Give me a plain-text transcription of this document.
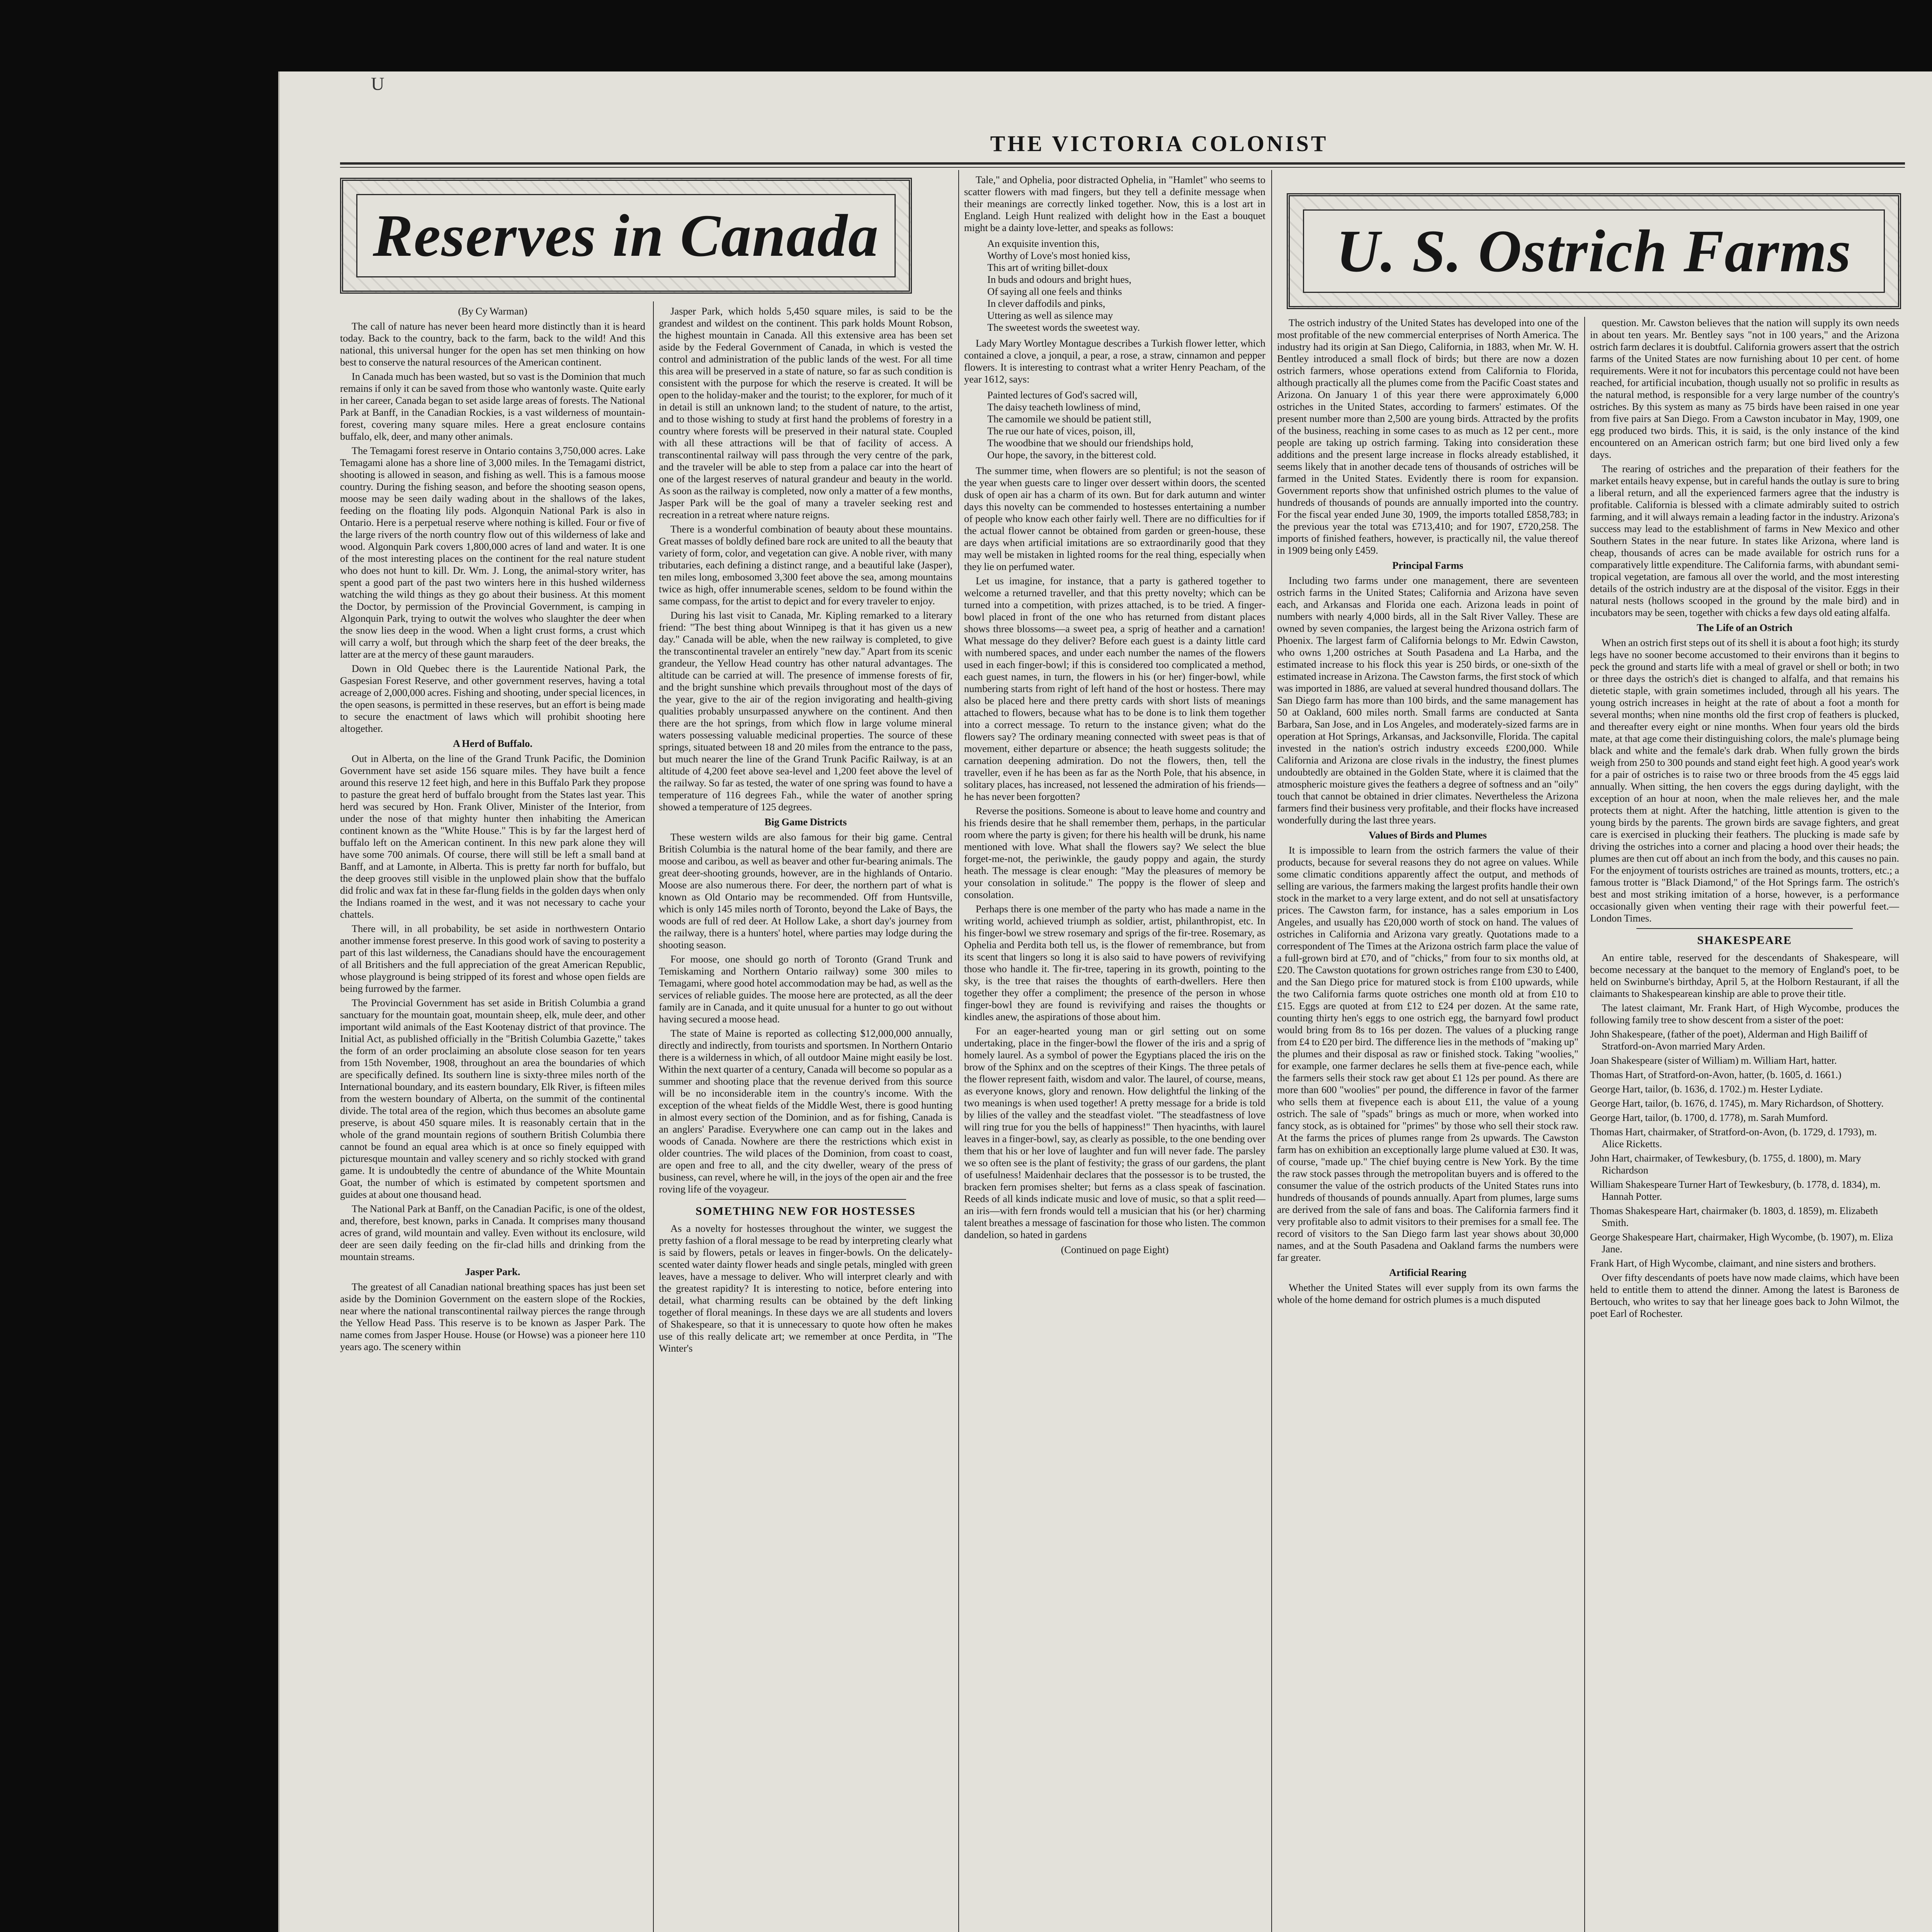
U
THE VICTORIA COLONIST
Reserves in Canada	U. S. Ostrich Farms

(By Cy Warman)

The call of nature has never been heard more distinctly than it is heard today. Back to the country, back to the farm, back to the wild! And this national, this universal hunger for the open has set men thinking on how best to conserve the natural resources of the American continent.

In Canada much has been wasted, but so vast is the Dominion that much remains if only it can be saved from those who wantonly waste. Quite early in her career, Canada began to set aside large areas of forests. The National Park at Banff, in the Canadian Rockies, is a vast wilderness of mountain-forest, covering many square miles. Here a great enclosure contains buffalo, elk, deer, and many other animals.

The Temagami forest reserve in Ontario contains 3,750,000 acres. Lake Temagami alone has a shore line of 3,000 miles. In the Temagami district, shooting is allowed in season, and fishing as well. This is a famous moose country. During the fishing season, and before the shooting season opens, moose may be seen daily wading about in the shallows of the lakes, feeding on the floating lily pods. Algonquin National Park is also in Ontario. Here is a perpetual reserve where nothing is killed. Four or five of the large rivers of the north country flow out of this wilderness of lake and wood. Algonquin Park covers 1,800,000 acres of land and water. It is one of the most interesting places on the continent for the real nature student who does not hunt to kill. Dr. Wm. J. Long, the animal-story writer, has spent a good part of the past two winters here in this hushed wilderness watching the wild things as they go about their business. At this moment the Doctor, by permission of the Provincial Government, is camping in Algonquin Park, trying to outwit the wolves who slaughter the deer when the snow lies deep in the wood. When a light crust forms, a crust which will carry a wolf, but through which the sharp feet of the deer breaks, the latter are at the mercy of these gaunt marauders.

Down in Old Quebec there is the Laurentide National Park, the Gaspesian Forest Reserve, and other government reserves, having a total acreage of 2,000,000 acres. Fishing and shooting, under special licences, in the open seasons, is permitted in these reserves, but an effort is being made to secure the enactment of laws which will prohibit shooting here altogether.

A Herd of Buffalo.

Out in Alberta, on the line of the Grand Trunk Pacific, the Dominion Government have set aside 156 square miles. They have built a fence around this reserve 12 feet high, and here in this Buffalo Park they propose to pasture the great herd of buffalo brought from the States last year. This herd was secured by Hon. Frank Oliver, Minister of the Interior, from under the nose of that mighty hunter then inhabiting the American continent known as the "White House." This is by far the largest herd of buffalo left on the American continent. In this new park alone they will have some 700 animals. Of course, there will still be left a small band at Banff, and at Lamonte, in Alberta. This is pretty far north for buffalo, but the deep grooves still visible in the unplowed plain show that the buffalo did frolic and wax fat in these far-flung fields in the golden days when only the Indians roamed in the west, and it was not necessary to cache your chattels.

There will, in all probability, be set aside in northwestern Ontario another immense forest preserve. In this good work of saving to posterity a part of this last wilderness, the Canadians should have the encouragement of all Britishers and the full appreciation of the great American Republic, whose playground is being stripped of its forest and whose open fields are being furrowed by the farmer.

The Provincial Government has set aside in British Columbia a grand sanctuary for the mountain goat, mountain sheep, elk, mule deer, and other important wild animals of the East Kootenay district of that province. The Initial Act, as published officially in the "British Columbia Gazette," takes the form of an order proclaiming an absolute close season for ten years from 15th November, 1908, throughout an area the boundaries of which are specifically defined. Its southern line is sixty-three miles north of the International boundary, and its eastern boundary, Elk River, is fifteen miles from the western boundary of Alberta, on the summit of the continental divide. The total area of the region, which thus becomes an absolute game preserve, is about 450 square miles. It is reasonably certain that in the whole of the grand mountain regions of southern British Columbia there cannot be found an equal area which is at once so finely equipped with picturesque mountain and valley scenery and so richly stocked with grand game. It is undoubtedly the centre of abundance of the White Mountain Goat, the number of which is estimated by competent sportsmen and guides at about one thousand head.

The National Park at Banff, on the Canadian Pacific, is one of the oldest, and, therefore, best known, parks in Canada. It comprises many thousand acres of grand, wild mountain and valley. Even without its enclosure, wild deer are seen daily feeding on the fir-clad hills and drinking from the mountain streams.

Jasper Park.

The greatest of all Canadian national breathing spaces has just been set aside by the Dominion Government on the eastern slope of the Rockies, near where the national transcontinental railway pierces the range through the Yellow Head Pass. This reserve is to be known as Jasper Park. The name comes from Jasper House. House (or Howse) was a pioneer here 110 years ago. The scenery within

Jasper Park, which holds 5,450 square miles, is said to be the grandest and wildest on the continent. This park holds Mount Robson, the highest mountain in Canada. All this extensive area has been set aside by the Federal Government of Canada, in which is vested the control and administration of the public lands of the west. For all time this area will be preserved in a state of nature, so far as such condition is consistent with the purpose for which the reserve is created. It will be open to the holiday-maker and the tourist; to the explorer, for much of it in detail is still an unknown land; to the student of nature, to the artist, and to those wishing to study at first hand the problems of forestry in a country where forests will be preserved in their natural state. Coupled with all these attractions will be that of facility of access. A transcontinental railway will pass through the very centre of the park, and the traveler will be able to step from a palace car into the heart of one of the largest reserves of natural grandeur and beauty in the world. As soon as the railway is completed, now only a matter of a few months, Jasper Park will be the goal of many a traveler seeking rest and recreation in a retreat where nature reigns.

There is a wonderful combination of beauty about these mountains. Great masses of boldly defined bare rock are united to all the beauty that variety of form, color, and vegetation can give. A noble river, with many tributaries, each defining a distinct range, and a beautiful lake (Jasper), ten miles long, embosomed 3,300 feet above the sea, among mountains twice as high, offer innumerable scenes, seldom to be found within the same compass, for the artist to depict and for every traveler to enjoy.

During his last visit to Canada, Mr. Kipling remarked to a literary friend: "The best thing about Winnipeg is that it has given us a new day." Canada will be able, when the new railway is completed, to give the transcontinental traveler an entirely "new day." Apart from its scenic grandeur, the Yellow Head country has other natural advantages. The altitude can be carried at will. The presence of immense forests of fir, and the bright sunshine which prevails throughout most of the days of the year, give to the air of the region invigorating and health-giving qualities probably unsurpassed anywhere on the continent. And then there are the hot springs, from which flow in large volume mineral waters possessing valuable medicinal properties. The source of these springs, situated between 18 and 20 miles from the entrance to the pass, but much nearer the line of the Grand Trunk Pacific Railway, is at an altitude of 4,200 feet above sea-level and 1,200 feet above the level of the railway. So far as tested, the water of one spring was found to have a temperature of 116 degrees Fah., while the water of another spring showed a temperature of 125 degrees.

Big Game Districts

These western wilds are also famous for their big game. Central British Columbia is the natural home of the bear family, and there are moose and caribou, as well as beaver and other fur-bearing animals. The great deer-shooting grounds, however, are in the highlands of Ontario. Moose are also numerous there. For deer, the northern part of what is known as Old Ontario may be recommended. Off from Huntsville, which is only 145 miles north of Toronto, beyond the Lake of Bays, the woods are full of red deer. At Hollow Lake, a short day's journey from the railway, there is a hunters' hotel, where parties may lodge during the shooting season.

For moose, one should go north of Toronto (Grand Trunk and Temiskaming and Northern Ontario railway) some 300 miles to Temagami, where good hotel accommodation may be had, as well as the services of reliable guides. The moose here are protected, as all the deer family are in Canada, and it quite unusual for a hunter to go out without having secured a moose head.

The state of Maine is reported as collecting $12,000,000 annually, directly and indirectly, from tourists and sportsmen. In Northern Ontario there is a wilderness in which, of all outdoor Maine might easily be lost. Within the next quarter of a century, Canada will become so popular as a summer and shooting place that the revenue derived from this source will be no inconsiderable item in the country's income. With the exception of the wheat fields of the Middle West, there is good hunting in almost every section of the Dominion, and as for fishing, Canada is an anglers' Paradise. Everywhere one can camp out in the lakes and woods of Canada. Nowhere are there the restrictions which exist in older countries. The wild places of the Dominion, from coast to coast, are open and free to all, and the city dweller, weary of the press of business, can revel, where he will, in the joys of the open air and the free roving life of the voyageur.

SOMETHING NEW FOR HOSTESSES

As a novelty for hostesses throughout the winter, we suggest the pretty fashion of a floral message to be read by interpreting clearly what is said by flowers, petals or leaves in finger-bowls. On the delicately-scented water dainty flower heads and single petals, mingled with green leaves, have a message to deliver. Who will interpret clearly and with the greatest rapidity? It is interesting to notice, before entering into detail, what charming results can be obtained by the deft linking together of floral meanings. In these days we are all students and lovers of Shakespeare, so that it is unnecessary to quote how often he makes use of this really delicate art; we remember at once Perdita, in "The Winter's

Tale," and Ophelia, poor distracted Ophelia, in "Hamlet" who seems to scatter flowers with mad fingers, but they tell a definite message when their meanings are correctly linked together. Now, this is a lost art in England. Leigh Hunt realized with delight how in the East a bouquet might be a dainty love-letter, and speaks as follows:

An exquisite invention this,
Worthy of Love's most honied kiss,
This art of writing billet-doux
In buds and odours and bright hues,
Of saying all one feels and thinks
In clever daffodils and pinks,
Uttering as well as silence may
The sweetest words the sweetest way.

Lady Mary Wortley Montague describes a Turkish flower letter, which contained a clove, a jonquil, a pear, a rose, a straw, cinnamon and pepper flowers. It is interesting to contrast what a writer Henry Peacham, of the year 1612, says:

Painted lectures of God's sacred will,
The daisy teacheth lowliness of mind,
The camomile we should be patient still,
The rue our hate of vices, poison, ill,
The woodbine that we should our friendships hold,
Our hope, the savory, in the bitterest cold.

The summer time, when flowers are so plentiful; is not the season of the year when guests care to linger over dessert within doors, the scented dusk of open air has a charm of its own. But for dark autumn and winter days this novelty can be commended to hostesses entertaining a number of people who know each other fairly well. There are no difficulties for if the actual flower cannot be obtained from garden or green-house, these are days when artificial imitations are so extraordinarily good that they may well be mistaken in lighted rooms for the real thing, especially when they lie on perfumed water.

Let us imagine, for instance, that a party is gathered together to welcome a returned traveller, and that this pretty novelty; which can be turned into a competition, with prizes attached, is to be tried. A finger-bowl placed in front of the one who has returned from distant places shows three blossoms—a sweet pea, a sprig of heather and a carnation! What message do they deliver? Before each guest is a dainty little card with numbered spaces, and under each number the names of the flowers used in each finger-bowl; if this is considered too complicated a method, each guest names, in turn, the flowers in his (or her) finger-bowl, while numbering starts from right of left hand of the host or hostess. There may also be placed here and there pretty cards with short lists of meanings attached to flowers, because what has to be done is to link them together into a correct message. To return to the instance given; what do the flowers say? The ordinary meaning connected with sweet peas is that of movement, either departure or absence; the heath suggests solitude; the carnation deepening admiration. Do not the flowers, then, tell the traveller, even if he has been as far as the North Pole, that his absence, in solitary places, has increased, not lessened the admiration of his friends—he has never been forgotten?

Reverse the positions. Someone is about to leave home and country and his friends desire that he shall remember them, perhaps, in the particular room where the party is given; for there his health will be drunk, his name mentioned with love. What shall the flowers say? We select the blue forget-me-not, the periwinkle, the gaudy poppy and again, the sturdy heath. The message is clear enough: "May the pleasures of memory be your consolation in solitude." The poppy is the flower of sleep and consolation.

Perhaps there is one member of the party who has made a name in the writing world, achieved triumph as soldier, artist, philanthropist, etc. In his finger-bowl we strew rosemary and sprigs of the fir-tree. Rosemary, as Ophelia and Perdita both tell us, is the flower of remembrance, but from its scent that lingers so long it is also said to have powers of revivifying those who handle it. The fir-tree, tapering in its growth, pointing to the sky, is the tree that raises the thoughts of earth-dwellers. Here then together they offer a compliment; the presence of the person in whose finger-bowl they are found is revivifying and raises the thoughts or kindles anew, the aspirations of those about him.

For an eager-hearted young man or girl setting out on some undertaking, place in the finger-bowl the flower of the iris and a sprig of homely laurel. As a symbol of power the Egyptians placed the iris on the brow of the Sphinx and on the sceptres of their Kings. The three petals of the flower represent faith, wisdom and valor. The laurel, of course, means, as everyone knows, glory and renown. How delightful the linking of the two meanings is when used together! A pretty message for a bride is told by lilies of the valley and the steadfast violet. "The steadfastness of love will ring true for you the bells of happiness!" Then hyacinths, with laurel leaves in a finger-bowl, say, as clearly as possible, to the one bending over them that his or her love of laughter and fun will never fade. The parsley we so often see is the plant of festivity; the grass of our gardens, the plant of usefulness! Maidenhair declares that the possessor is to be trusted, the bracken fern promises shelter; but ferns as a class speak of fascination. Reeds of all kinds indicate music and love of music, so that a split reed—an iris—with fern fronds would tell a musician that his (or her) charming talent breathes a message of fascination for those who listen. The common dandelion, so hated in gardens

(Continued on page Eight)

The ostrich industry of the United States has developed into one of the most profitable of the new commercial enterprises of North America. The industry had its origin at San Diego, California, in 1883, when Mr. W. H. Bentley introduced a small flock of birds; but there are now a dozen ostrich farmers, whose operations extend from California to Florida, although practically all the plumes come from the Pacific Coast states and Arizona. On January 1 of this year there were approximately 6,000 ostriches in the United States, according to farmers' estimates. Of the present number more than 2,500 are young birds. Attracted by the profits of the business, reaching in some cases to as much as 12 per cent., more people are taking up ostrich farming. Taking into consideration these additions and the present large increase in flocks already established, it seems likely that in another decade tens of thousands of ostriches will be farmed in the United States. Evidently there is room for expansion. Government reports show that unfinished ostrich plumes to the value of hundreds of thousands of pounds are annually imported into the country. For the fiscal year ended June 30, 1909, the imports totalled £858,783; in the previous year the total was £713,410; and for 1907, £720,258. The imports of finished feathers, however, is practically nil, the value thereof in 1909 being only £459.

Principal Farms

Including two farms under one management, there are seventeen ostrich farms in the United States; California and Arizona have seven each, and Arkansas and Florida one each. Arizona leads in point of numbers with nearly 4,000 birds, all in the Salt River Valley. These are owned by seven companies, the largest being the Arizona ostrich farm of Phoenix. The largest farm of California belongs to Mr. Edwin Cawston, who owns 1,200 ostriches at South Pasadena and La Harba, and the estimated increase to his flock this year is 250 birds, or one-sixth of the estimated increase in Arizona. The Cawston farms, the first stock of which was imported in 1886, are valued at several hundred thousand dollars. The San Diego farm has more than 100 birds, and the same management has 50 at Oakland, 600 miles north. Small farms are conducted at Santa Barbara, San Jose, and in Los Angeles, and moderately-sized farms are in operation at Hot Springs, Arkansas, and Jacksonville, Florida. The capital invested in the nation's ostrich industry exceeds £200,000. While California and Arizona are close rivals in the industry, the finest plumes undoubtedly are obtained in the Golden State, where it is claimed that the atmospheric moisture gives the feathers a degree of softness and an "oily" touch that cannot be obtained in drier climates. Nevertheless the Arizona farmers find their business very profitable, and their flocks have increased wonderfully during the last three years.

Values of Birds and Plumes

It is impossible to learn from the ostrich farmers the value of their products, because for several reasons they do not agree on values. While some climatic conditions apparently affect the output, and methods of selling are various, the farmers making the largest profits handle their own stock in the market to a very large extent, and do not sell at unsatisfactory prices. The Cawston farm, for instance, has a sales emporium in Los Angeles, and usually has £20,000 worth of stock on hand. The values of ostriches in California and Arizona vary greatly. Quotations made to a correspondent of The Times at the Arizona ostrich farm place the value of a full-grown bird at £70, and of "chicks," from four to six months old, at £20. The Cawston quotations for grown ostriches range from £30 to £400, and the San Diego price for matured stock is from £100 upwards, while the two California farms quote ostriches one month old at from £10 to £15. Eggs are quoted at from £12 to £24 per dozen. At the same rate, counting thirty hen's eggs to one ostrich egg, the barnyard fowl product would bring from 8s to 16s per dozen. The values of a plucking range from £4 to £20 per bird. The difference lies in the methods of "making up" the plumes and their disposal as raw or finished stock. Taking "woolies," for example, one farmer declares he sells them at five-pence each, while the farmers sells their stock raw get about £1 12s per pound. As there are more than 600 "woolies" per pound, the difference in favor of the farmer who sells them at fivepence each is about £11, the value of a young ostrich. The sale of "spads" brings as much or more, when worked into fancy stock, as is obtained for "primes" by those who sell their stock raw. At the farms the prices of plumes range from 2s upwards. The Cawston farm has on exhibition an exceptionally large plume valued at £30. It was, of course, "made up." The chief buying centre is New York. By the time the raw stock passes through the metropolitan buyers and is offered to the consumer the value of the ostrich products of the United States runs into hundreds of thousands of pounds annually. Apart from plumes, large sums are derived from the sale of fans and boas. The California farmers find it very profitable also to admit visitors to their premises for a small fee. The record of visitors to the San Diego farm last year shows about 30,000 names, and at the South Pasadena and Oakland farms the numbers were far greater.

Artificial Rearing

Whether the United States will ever supply from its own farms the whole of the home demand for ostrich plumes is a much disputed

question. Mr. Cawston believes that the nation will supply its own needs in about ten years. Mr. Bentley says "not in 100 years," and the Arizona ostrich farm declares it is doubtful. California growers assert that the ostrich farms of the United States are now furnishing about 10 per cent. of home requirements. Were it not for incubators this percentage could not have been reached, for artificial incubation, though usually not so prolific in results as the natural method, is responsible for a very large number of the country's ostriches. By this system as many as 75 birds have been raised in one year from five pairs at San Diego. From a Cawston incubator in May, 1909, one egg produced two birds. This, it is said, is the only instance of the kind encountered on an American ostrich farm; but one bird lived only a few days.

The rearing of ostriches and the preparation of their feathers for the market entails heavy expense, but in careful hands the outlay is sure to bring a liberal return, and all the experienced farmers agree that the industry is profitable. California is blessed with a climate admirably suited to ostrich farming, and it will always remain a leading factor in the industry. Arizona's success may lead to the establishment of farms in New Mexico and other Southern States in the near future. In states like Arizona, where land is cheap, thousands of acres can be made available for ostrich runs for a comparatively little expenditure. The California farms, with abundant semi-tropical vegetation, are famous all over the world, and the most interesting details of the ostrich industry are at the disposal of the visitor. Eggs in their natural nests (hollows scooped in the ground by the male bird) and in incubators may be seen, together with chicks a few days old eating alfalfa.

The Life of an Ostrich

When an ostrich first steps out of its shell it is about a foot high; its sturdy legs have no sooner become accustomed to their environs than it begins to peck the ground and starts life with a meal of gravel or shell or both; in two or three days the ostrich's diet is changed to alfalfa, and that remains his dietetic staple, with grain sometimes included, through all his years. The young ostrich increases in height at the rate of about a foot a month for several months; when nine months old the first crop of feathers is plucked, and thereafter every eight or nine months. When four years old the birds mate, at that age come their distinguishing colors, the male's plumage being black and white and the female's dark drab. When fully grown the birds weigh from 250 to 300 pounds and stand eight feet high. A good year's work for a pair of ostriches is to raise two or three broods from the 45 eggs laid annually. When sitting, the hen covers the eggs during daylight, with the exception of an hour at noon, when the male relieves her, and the male protects them at night. After the hatching, little attention is given to the young birds by the parents. The grown birds are savage fighters, and great care is exercised in plucking their feathers. The plucking is made safe by driving the ostriches into a corner and placing a hood over their heads; the plumes are then cut off about an inch from the body, and this causes no pain. For the enjoyment of tourists ostriches are trained as mounts, trotters, etc.; a famous trotter is "Black Diamond," of the Hot Springs farm. The ostrich's best and most striking imitation of a horse, however, is a performance occasionally given when venting their rage with their powerful feet.—London Times.

SHAKESPEARE

An entire table, reserved for the descendants of Shakespeare, will become necessary at the banquet to the memory of England's poet, to be held on Swinburne's birthday, April 5, at the Holborn Restaurant, if all the claimants to Shakespearean kinship are able to prove their title.

The latest claimant, Mr. Frank Hart, of High Wycombe, produces the following family tree to show descent from a sister of the poet:

John Shakespeare, (father of the poet), Alderman and High Bailiff of Stratford-on-Avon married Mary Arden.

Joan Shakespeare (sister of William) m. William Hart, hatter.

Thomas Hart, of Stratford-on-Avon, hatter, (b. 1605, d. 1661.)

George Hart, tailor, (b. 1636, d. 1702.) m. Hester Lydiate.

George Hart, tailor, (b. 1676, d. 1745), m. Mary Richardson, of Shottery.

George Hart, tailor, (b. 1700, d. 1778), m. Sarah Mumford.

Thomas Hart, chairmaker, of Stratford-on-Avon, (b. 1729, d. 1793), m. Alice Ricketts.

John Hart, chairmaker, of Tewkesbury, (b. 1755, d. 1800), m. Mary Richardson

William Shakespeare Turner Hart of Tewkesbury, (b. 1778, d. 1834), m. Hannah Potter.

Thomas Shakespeare Hart, chairmaker (b. 1803, d. 1859), m. Elizabeth Smith.

George Shakespeare Hart, chairmaker, High Wycombe, (b. 1907), m. Eliza Jane.

Frank Hart, of High Wycombe, claimant, and nine sisters and brothers.

Over fifty descendants of poets have now made claims, which have been held to entitle them to attend the dinner. Among the latest is Baroness de Bertouch, who writes to say that her lineage goes back to John Wilmot, the poet Earl of Rochester.
